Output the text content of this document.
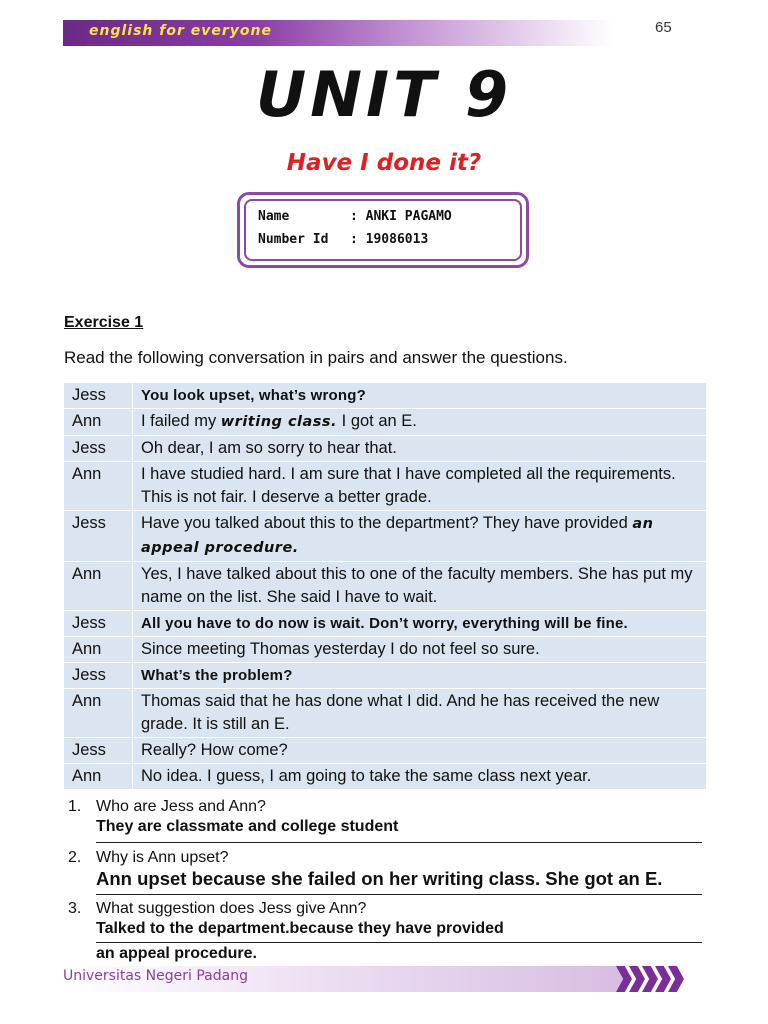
english for everyone	65
UNIT 9
Have I done it?
Name	: ANKI PAGAMO
Number Id : 19086013
Exercise 1
Read the following conversation in pairs and answer the questions.
Jess	You look upset, what’s wrong?
Ann	I failed my writing class. I got an E.
Jess	Oh dear, I am so sorry to hear that.
Ann	I have studied hard. I am sure that I have completed all the requirements. This is not fair. I deserve a better grade.
Jess	Have you talked about this to the department? They have provided an appeal procedure.
Ann	Yes, I have talked about this to one of the faculty members. She has put my name on the list. She said I have to wait.
Jess	All you have to do now is wait. Don’t worry, everything will be fine.
Ann	Since meeting Thomas yesterday I do not feel so sure.
Jess	What’s the problem?
Ann	Thomas said that he has done what I did. And he has received the new grade. It is still an E.
Jess	Really? How come?
Ann	No idea. I guess, I am going to take the same class next year.
1. Who are Jess and Ann?
They are classmate and college student
2. Why is Ann upset?
Ann upset because she failed on her writing class. She got an E.
3. What suggestion does Jess give Ann?
Talked to the department.because they have provided
an appeal procedure.
Universitas Negeri Padang
